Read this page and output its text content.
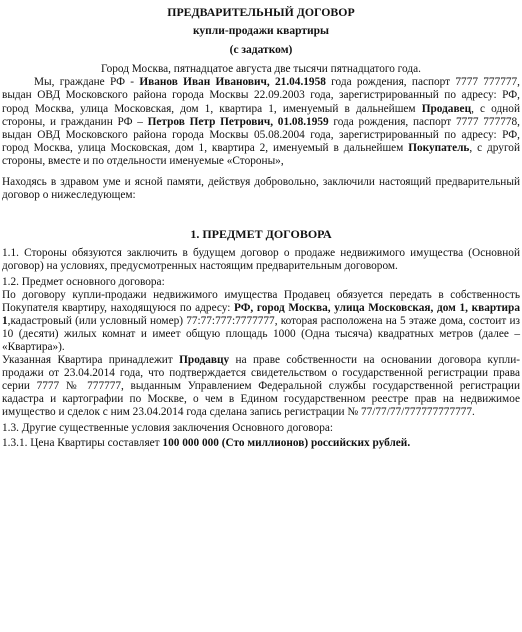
ПРЕДВАРИТЕЛЬНЫЙ ДОГОВОР
купли-продажи квартиры
(с задатком)
Город Москва, пятнадцатое августа две тысячи пятнадцатого года.

Мы, граждане РФ - Иванов Иван Иванович, 21.04.1958 года рождения, паспорт 7777 777777, выдан ОВД Московского района города Москвы 22.09.2003 года, зарегистрированный по адресу: РФ, город Москва, улица Московская, дом 1, квартира 1, именуемый в дальнейшем Продавец, с одной стороны, и гражданин РФ – Петров Петр Петрович, 01.08.1959 года рождения, паспорт 7777 777778, выдан ОВД Московского района города Москвы 05.08.2004 года, зарегистрированный по адресу: РФ, город Москва, улица Московская, дом 1, квартира 2, именуемый в дальнейшем Покупатель, с другой стороны, вместе и по отдельности именуемые «Стороны»,

Находясь в здравом уме и ясной памяти, действуя добровольно, заключили настоящий предварительный договор о нижеследующем:

1. ПРЕДМЕТ ДОГОВОРА

1.1. Стороны обязуются заключить в будущем договор о продаже недвижимого имущества (Основной договор) на условиях, предусмотренных настоящим предварительным договором.

1.2. Предмет основного договора:

По договору купли-продажи недвижимого имущества Продавец обязуется передать в собственность Покупателя квартиру, находящуюся по адресу: РФ, город Москва, улица Московская, дом 1, квартира 1,кадастровый (или условный номер) 77:77:777:7777777, которая расположена на 5 этаже дома, состоит из 10 (десяти) жилых комнат и имеет общую площадь 1000 (Одна тысяча) квадратных метров (далее – «Квартира»).

Указанная Квартира принадлежит Продавцу на праве собственности на основании договора купли-продажи от 23.04.2014 года, что подтверждается свидетельством о государственной регистрации права серии 7777 № 777777, выданным Управлением Федеральной службы государственной регистрации кадастра и картографии по Москве, о чем в Едином государственном реестре прав на недвижимое имущество и сделок с ним 23.04.2014 года сделана запись регистрации № 77/77/77/777777777777.

1.3. Другие существенные условия заключения Основного договора:

1.3.1. Цена Квартиры составляет 100 000 000 (Сто миллионов) российских рублей.
